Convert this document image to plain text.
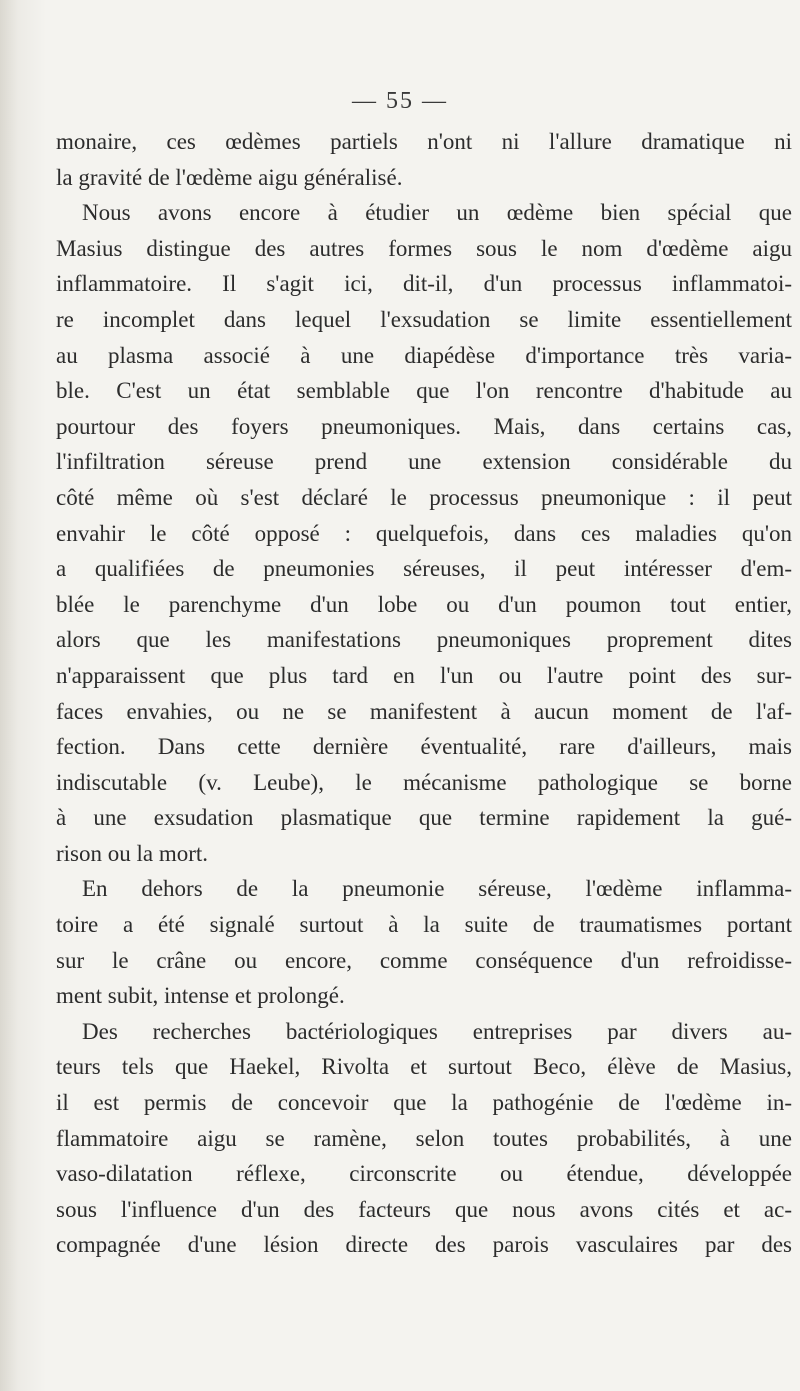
— 55 —
monaire, ces œdèmes partiels n'ont ni l'allure dramatique ni
la gravité de l'œdème aigu généralisé.
Nous avons encore à étudier un œdème bien spécial que
Masius distingue des autres formes sous le nom d'œdème aigu
inflammatoire. Il s'agit ici, dit-il, d'un processus inflammatoi-
re incomplet dans lequel l'exsudation se limite essentiellement
au plasma associé à une diapédèse d'importance très varia-
ble. C'est un état semblable que l'on rencontre d'habitude au
pourtour des foyers pneumoniques. Mais, dans certains cas,
l'infiltration séreuse prend une extension considérable du
côté même où s'est déclaré le processus pneumonique : il peut
envahir le côté opposé : quelquefois, dans ces maladies qu'on
a qualifiées de pneumonies séreuses, il peut intéresser d'em-
blée le parenchyme d'un lobe ou d'un poumon tout entier,
alors que les manifestations pneumoniques proprement dites
n'apparaissent que plus tard en l'un ou l'autre point des sur-
faces envahies, ou ne se manifestent à aucun moment de l'af-
fection. Dans cette dernière éventualité, rare d'ailleurs, mais
indiscutable (v. Leube), le mécanisme pathologique se borne
à une exsudation plasmatique que termine rapidement la gué-
rison ou la mort.
En dehors de la pneumonie séreuse, l'œdème inflamma-
toire a été signalé surtout à la suite de traumatismes portant
sur le crâne ou encore, comme conséquence d'un refroidisse-
ment subit, intense et prolongé.
Des recherches bactériologiques entreprises par divers au-
teurs tels que Haekel, Rivolta et surtout Beco, élève de Masius,
il est permis de concevoir que la pathogénie de l'œdème in-
flammatoire aigu se ramène, selon toutes probabilités, à une
vaso-dilatation réflexe, circonscrite ou étendue, développée
sous l'influence d'un des facteurs que nous avons cités et ac-
compagnée d'une lésion directe des parois vasculaires par des
